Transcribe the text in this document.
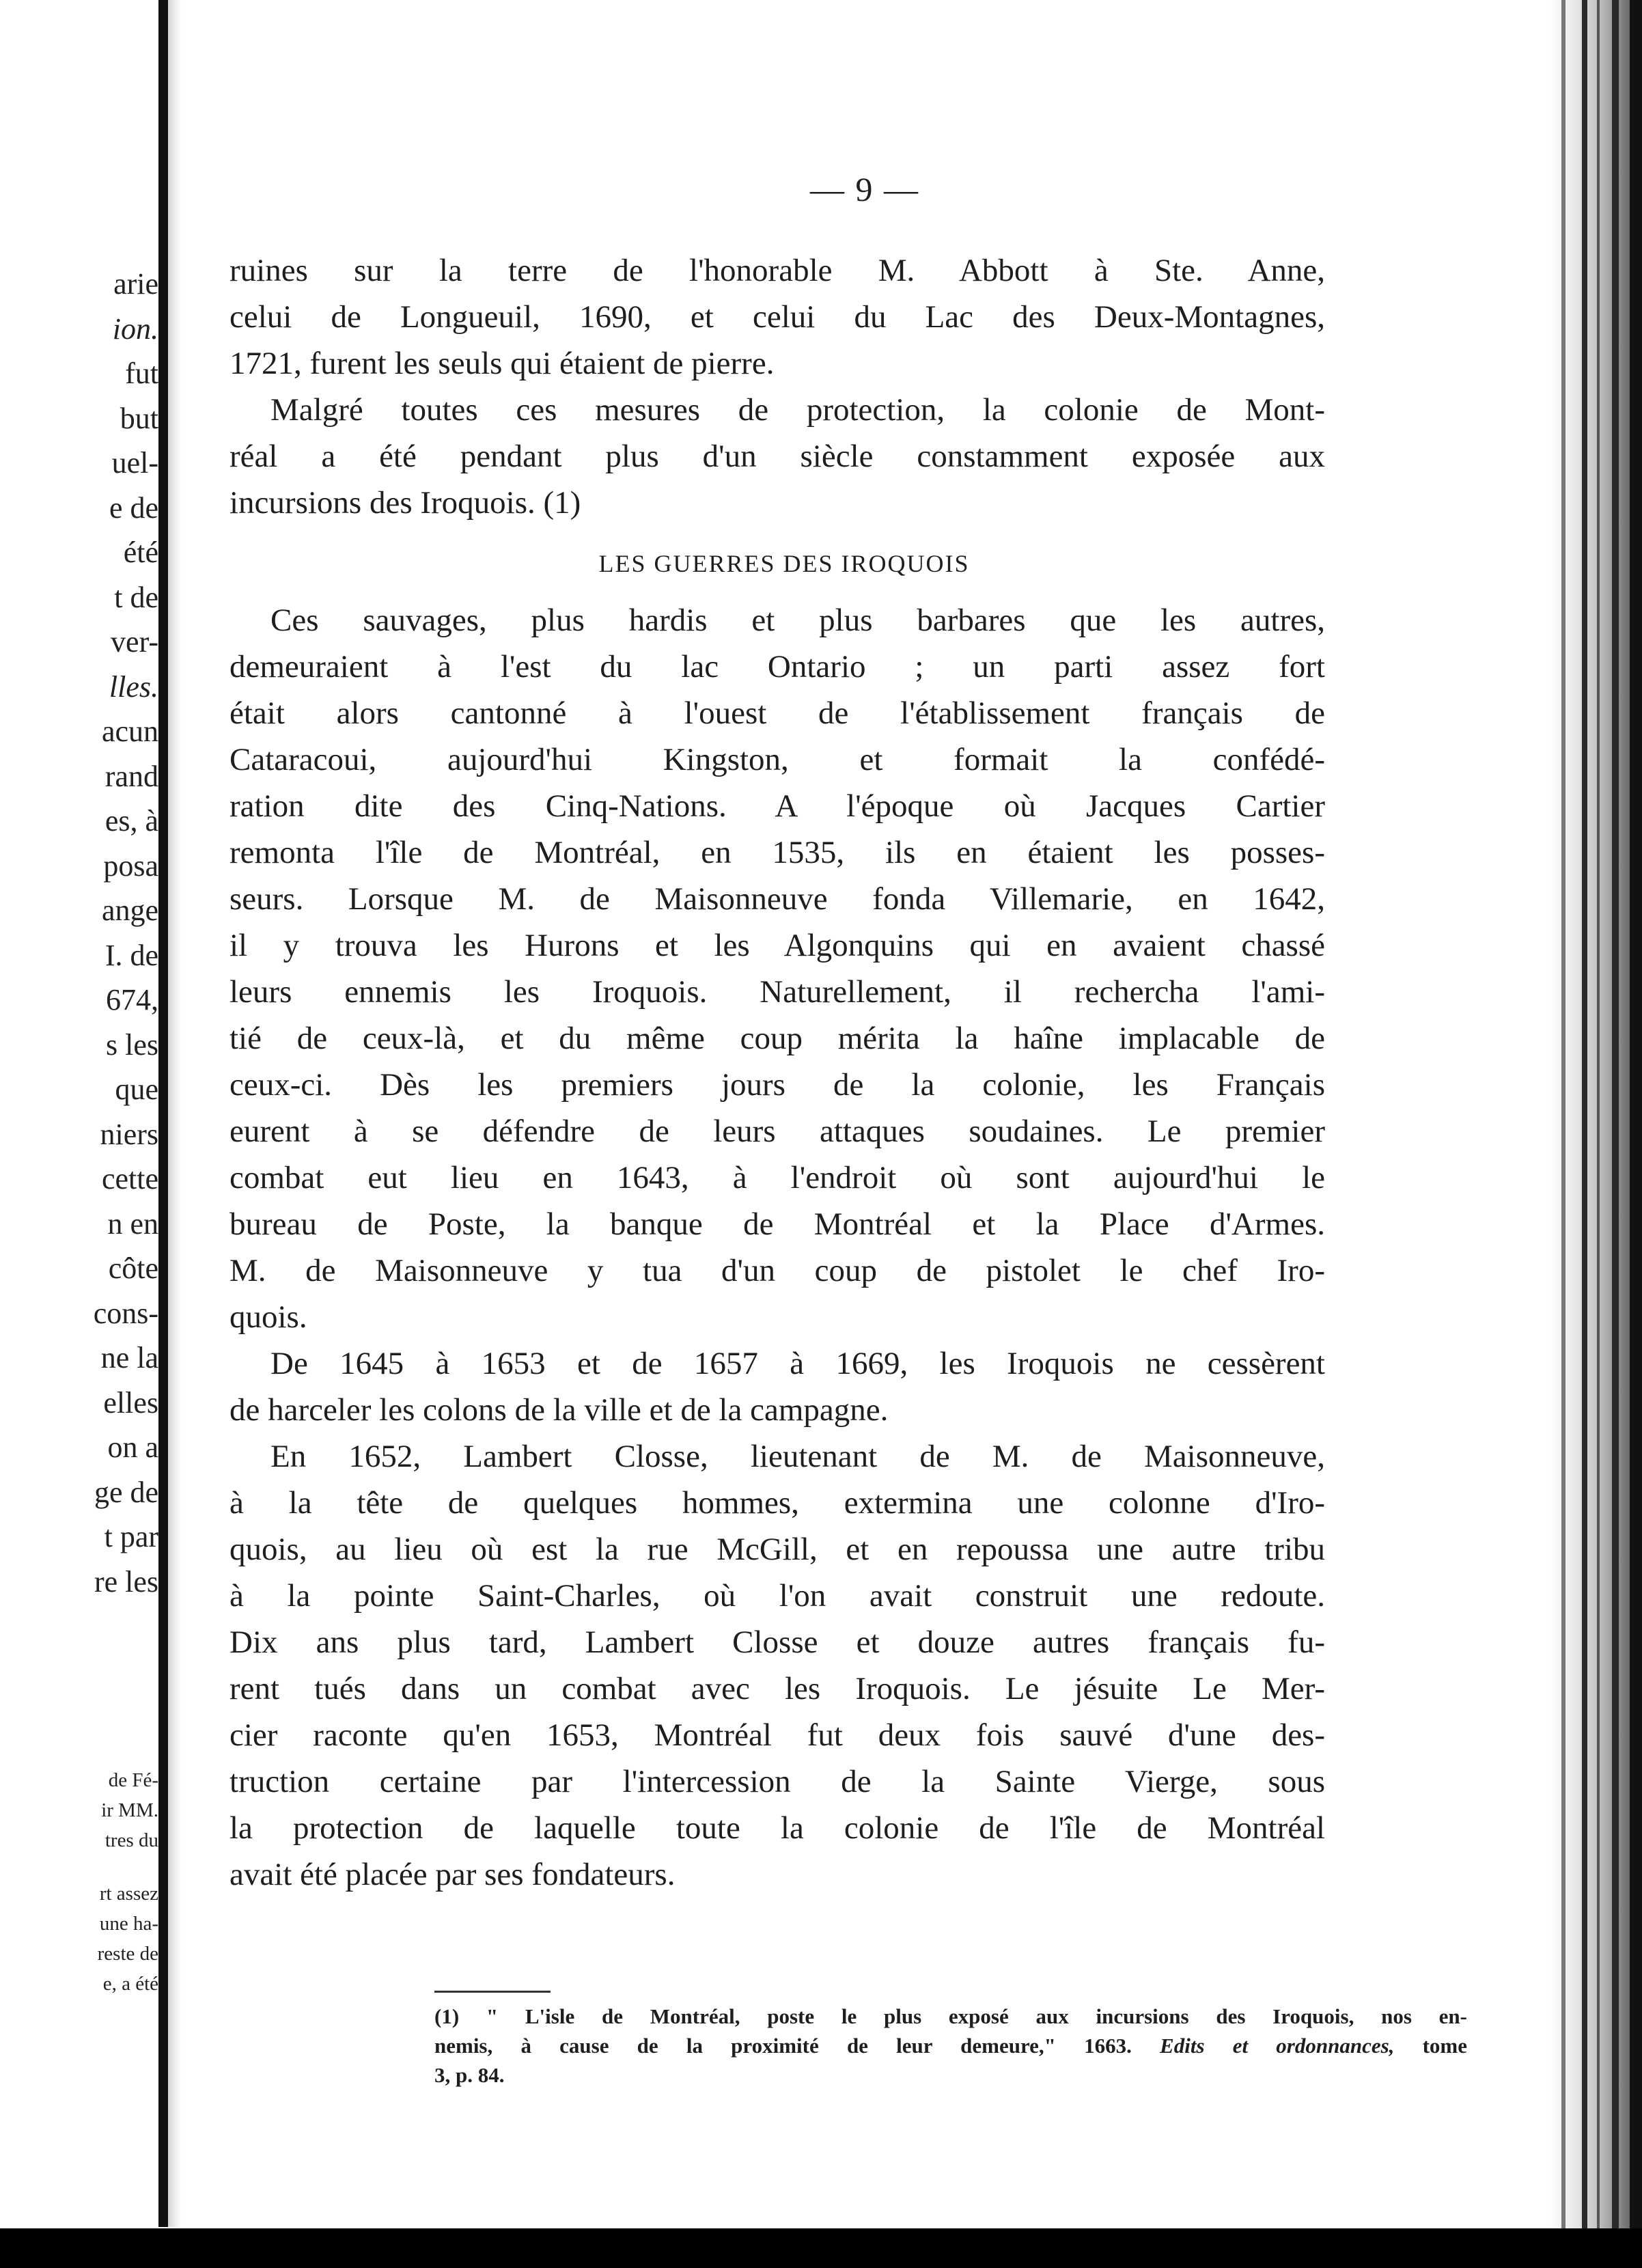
arie
ion.
fut
but
uel-
e de
été
t de
ver-
lles.
acun
rand
es, à
posa
ange
I. de
674,
s les
que
niers
cette
n en
côte
cons-
ne la
elles
on a
ge de
t par
re les
de Fé-
ir MM.
tres du
rt assez
une ha-
reste de
e, a été
— 9 —
ruines sur la terre de l'honorable M. Abbott à Ste. Anne,
celui de Longueuil, 1690, et celui du Lac des Deux-Montagnes,
1721, furent les seuls qui étaient de pierre.
Malgré toutes ces mesures de protection, la colonie de Mont-
réal a été pendant plus d'un siècle constamment exposée aux
incursions des Iroquois. (1)
LES GUERRES DES IROQUOIS
Ces sauvages, plus hardis et plus barbares que les autres,
demeuraient à l'est du lac Ontario ; un parti assez fort
était alors cantonné à l'ouest de l'établissement français de
Cataracoui, aujourd'hui Kingston, et formait la confédé-
ration dite des Cinq-Nations. A l'époque où Jacques Cartier
remonta l'île de Montréal, en 1535, ils en étaient les posses-
seurs. Lorsque M. de Maisonneuve fonda Villemarie, en 1642,
il y trouva les Hurons et les Algonquins qui en avaient chassé
leurs ennemis les Iroquois. Naturellement, il rechercha l'ami-
tié de ceux-là, et du même coup mérita la haîne implacable de
ceux-ci. Dès les premiers jours de la colonie, les Français
eurent à se défendre de leurs attaques soudaines. Le premier
combat eut lieu en 1643, à l'endroit où sont aujourd'hui le
bureau de Poste, la banque de Montréal et la Place d'Armes.
M. de Maisonneuve y tua d'un coup de pistolet le chef Iro-
quois.
De 1645 à 1653 et de 1657 à 1669, les Iroquois ne cessèrent
de harceler les colons de la ville et de la campagne.
En 1652, Lambert Closse, lieutenant de M. de Maisonneuve,
à la tête de quelques hommes, extermina une colonne d'Iro-
quois, au lieu où est la rue McGill, et en repoussa une autre tribu
à la pointe Saint-Charles, où l'on avait construit une redoute.
Dix ans plus tard, Lambert Closse et douze autres français fu-
rent tués dans un combat avec les Iroquois. Le jésuite Le Mer-
cier raconte qu'en 1653, Montréal fut deux fois sauvé d'une des-
truction certaine par l'intercession de la Sainte Vierge, sous
la protection de laquelle toute la colonie de l'île de Montréal
avait été placée par ses fondateurs.
(1) " L'isle de Montréal, poste le plus exposé aux incursions des Iroquois, nos en-
nemis, à cause de la proximité de leur demeure," 1663. Edits et ordonnances, tome
3, p. 84.
